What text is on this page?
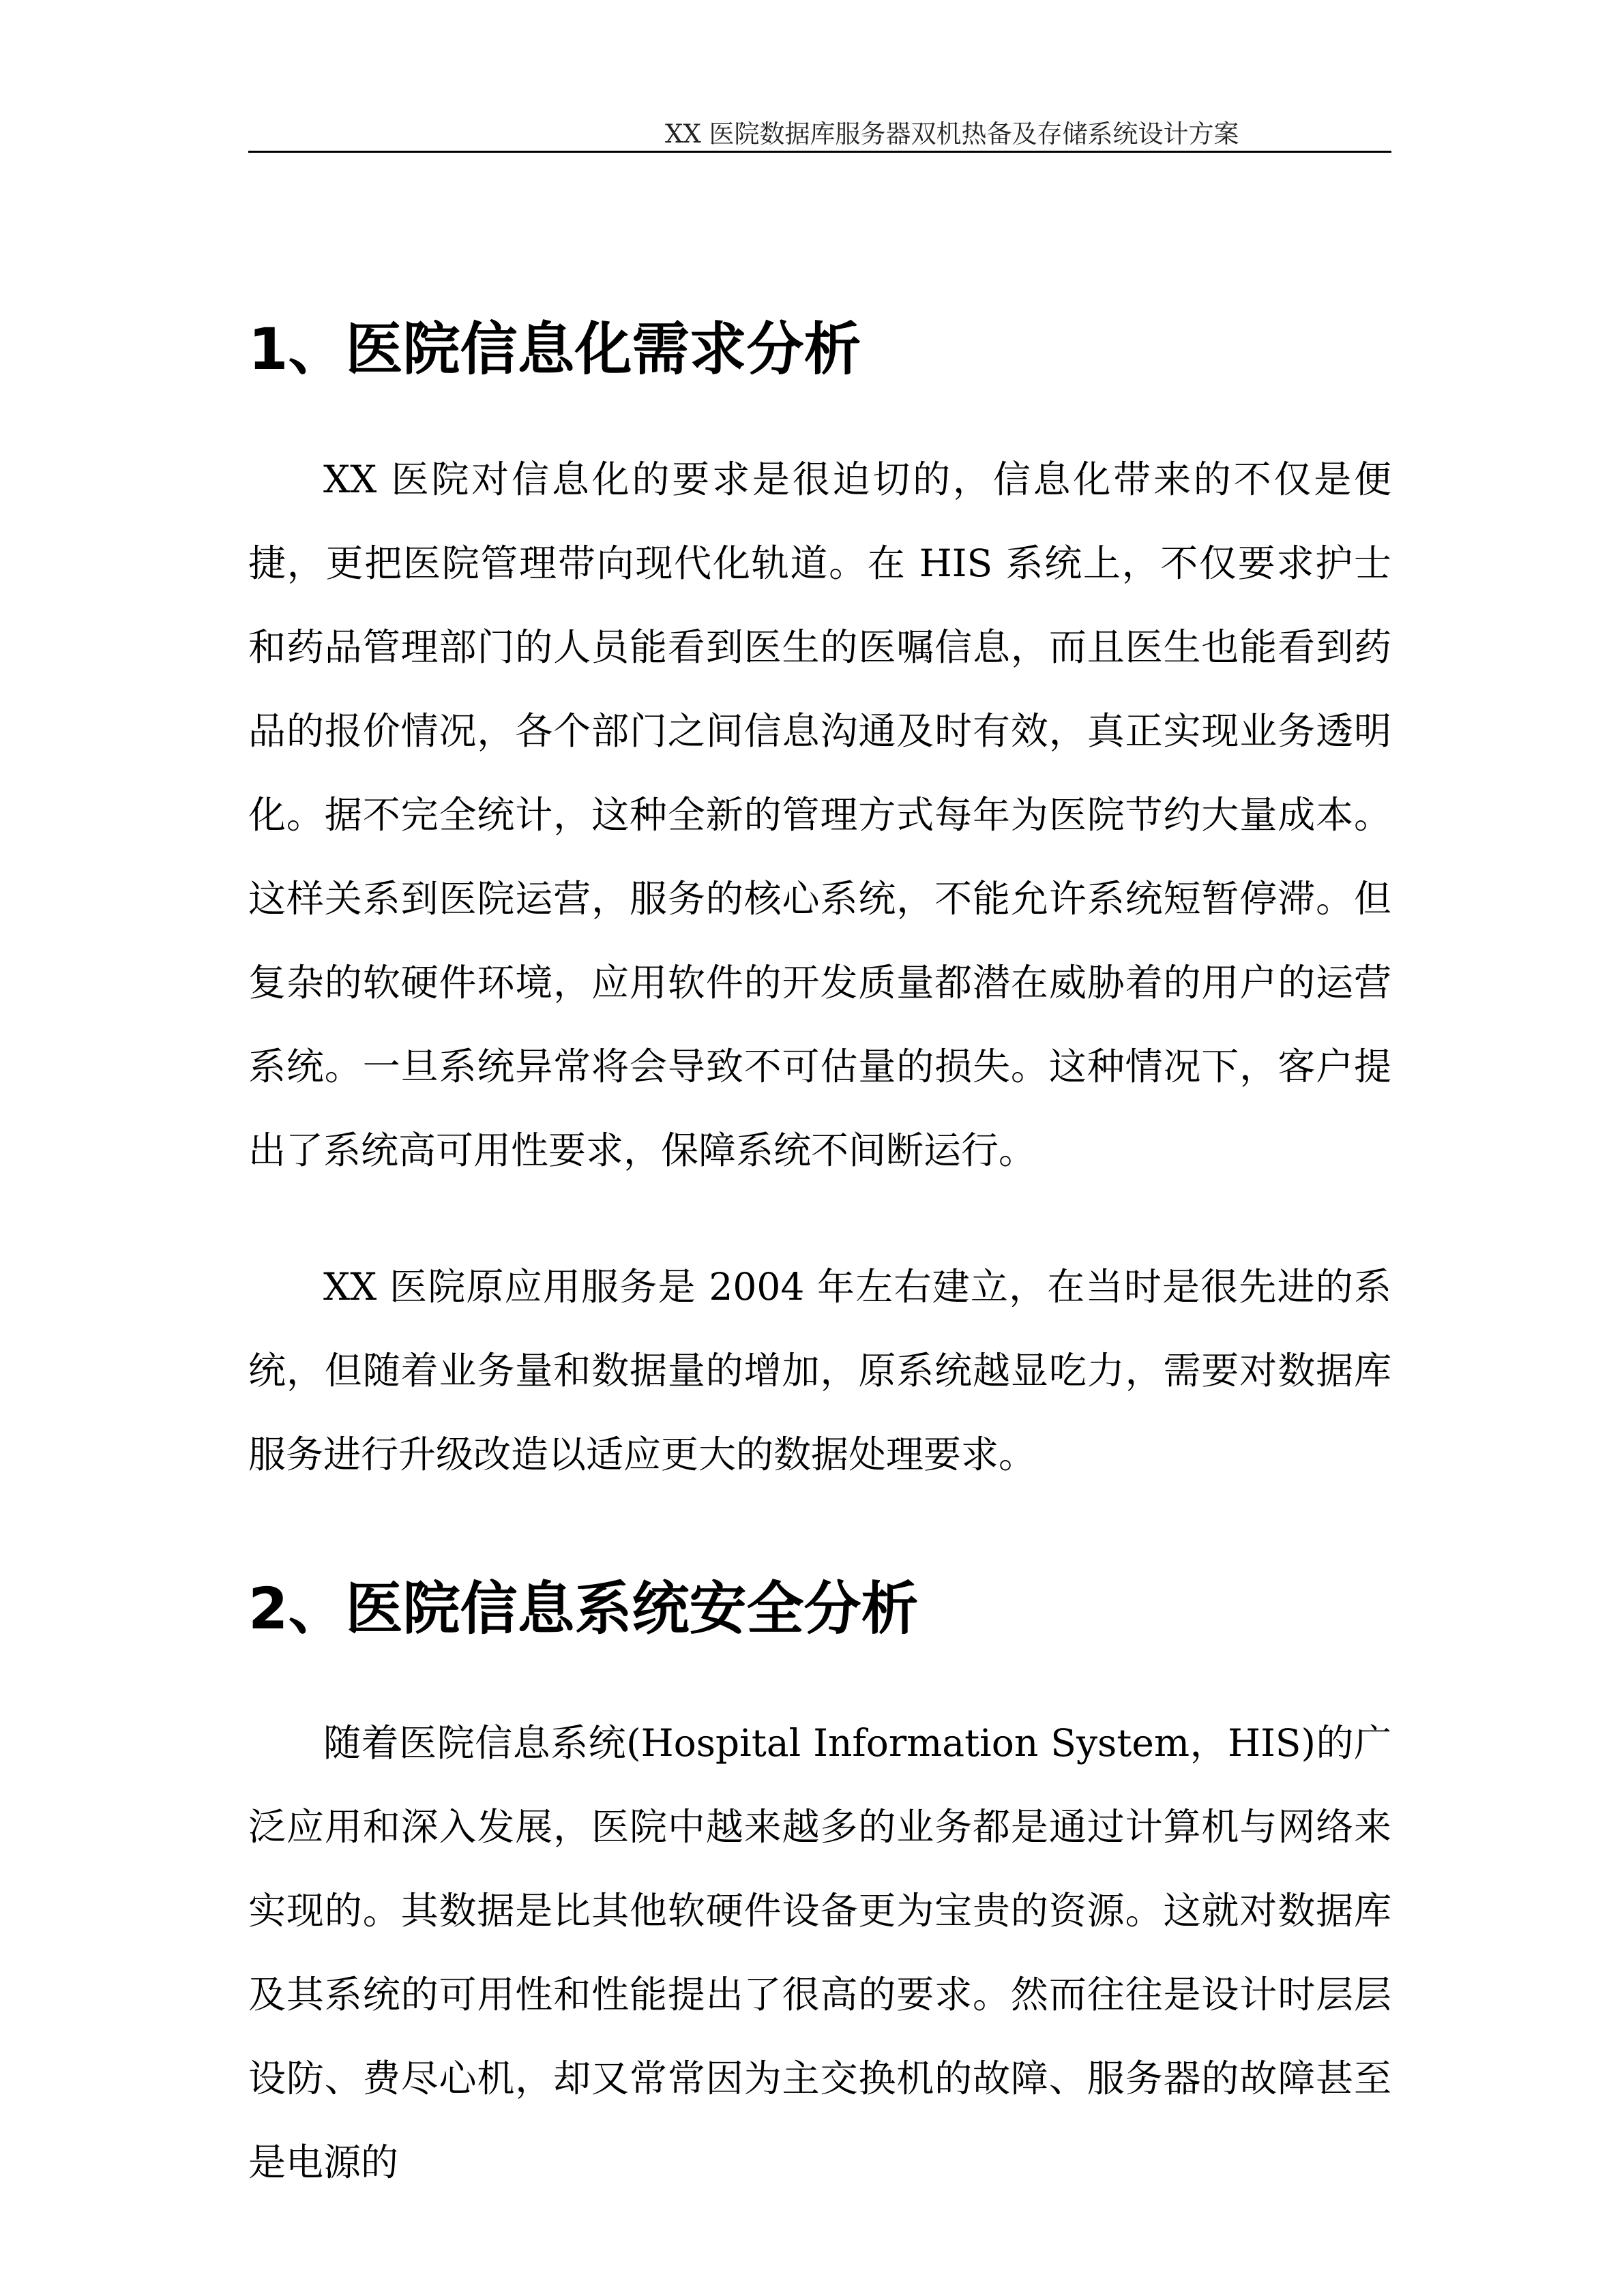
XX 医院数据库服务器双机热备及存储系统设计方案
1、医院信息化需求分析

XX 医院对信息化的要求是很迫切的，信息化带来的不仅是便捷，更把医院管理带向现代化轨道。在 HIS 系统上，不仅要求护士和药品管理部门的人员能看到医生的医嘱信息，而且医生也能看到药品的报价情况，各个部门之间信息沟通及时有效，真正实现业务透明化。据不完全统计，这种全新的管理方式每年为医院节约大量成本。这样关系到医院运营，服务的核心系统，不能允许系统短暂停滞。但复杂的软硬件环境，应用软件的开发质量都潜在威胁着的用户的运营系统。一旦系统异常将会导致不可估量的损失。这种情况下，客户提出了系统高可用性要求，保障系统不间断运行。

XX 医院原应用服务是 2004 年左右建立，在当时是很先进的系统，但随着业务量和数据量的增加，原系统越显吃力，需要对数据库服务进行升级改造以适应更大的数据处理要求。

2、医院信息系统安全分析

随着医院信息系统(Hospital Information System，HIS)的广泛应用和深入发展，医院中越来越多的业务都是通过计算机与网络来实现的。其数据是比其他软硬件设备更为宝贵的资源。这就对数据库及其系统的可用性和性能提出了很高的要求。然而往往是设计时层层设防、费尽心机，却又常常因为主交换机的故障、服务器的故障甚至是电源的
